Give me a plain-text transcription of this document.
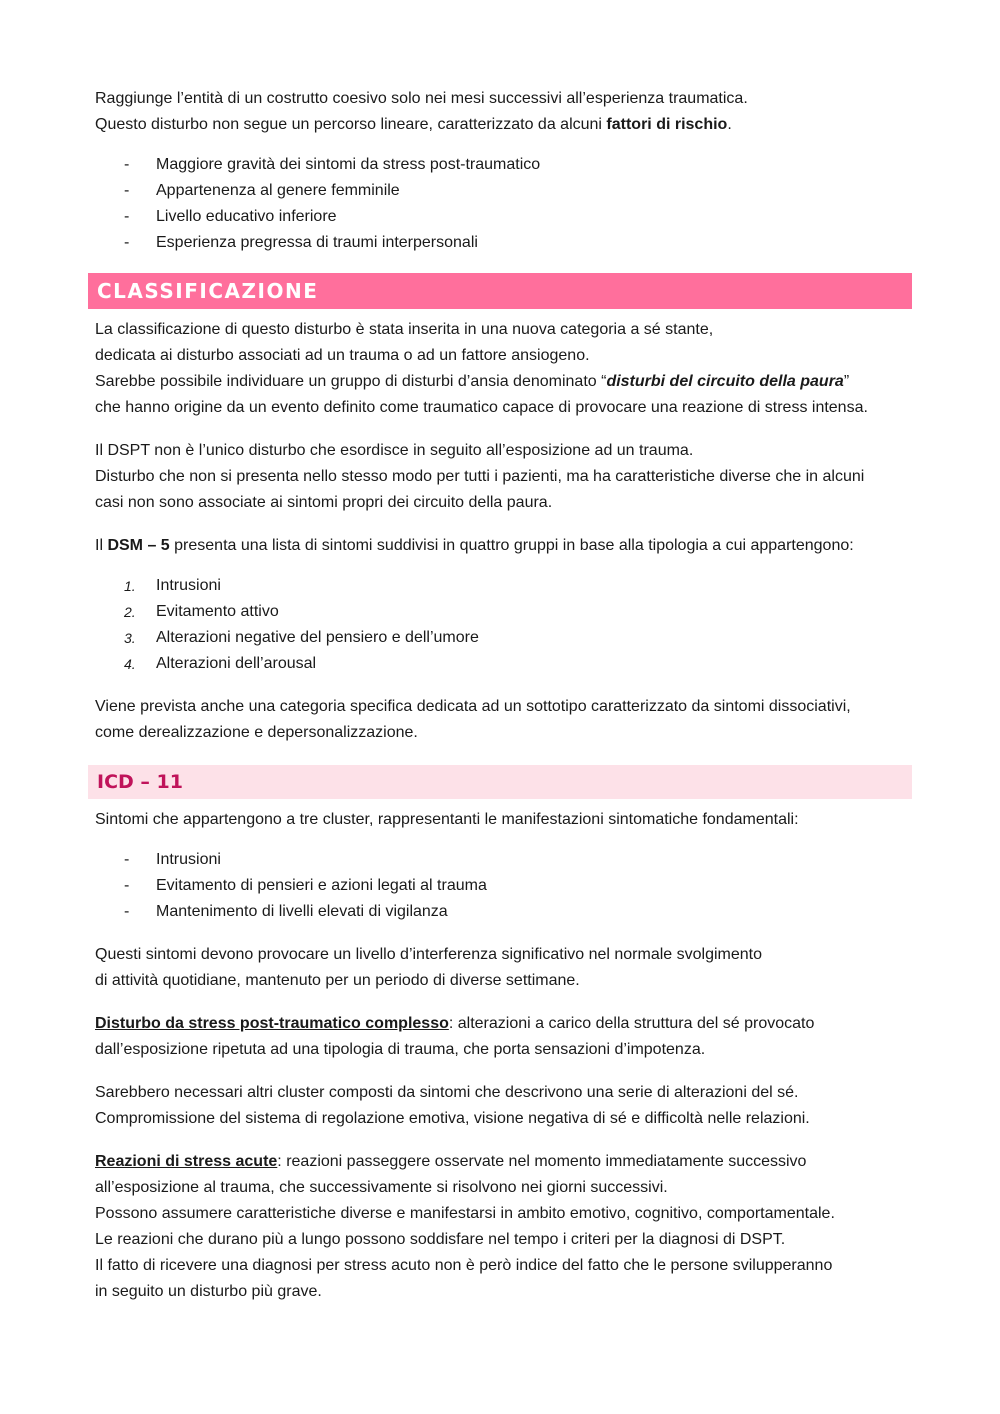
Raggiunge l’entità di un costrutto coesivo solo nei mesi successivi all’esperienza traumatica.

Questo disturbo non segue un percorso lineare, caratterizzato da alcuni fattori di rischio.

- Maggiore gravità dei sintomi da stress post-traumatico
- Appartenenza al genere femminile
- Livello educativo inferiore
- Esperienza pregressa di traumi interpersonali
CLASSIFICAZIONE

La classificazione di questo disturbo è stata inserita in una nuova categoria a sé stante,

dedicata ai disturbo associati ad un trauma o ad un fattore ansiogeno.

Sarebbe possibile individuare un gruppo di disturbi d’ansia denominato “disturbi del circuito della paura”

che hanno origine da un evento definito come traumatico capace di provocare una reazione di stress intensa.

Il DSPT non è l’unico disturbo che esordisce in seguito all’esposizione ad un trauma.

Disturbo che non si presenta nello stesso modo per tutti i pazienti, ma ha caratteristiche diverse che in alcuni

casi non sono associate ai sintomi propri dei circuito della paura.

Il DSM – 5 presenta una lista di sintomi suddivisi in quattro gruppi in base alla tipologia a cui appartengono:

1. Intrusioni
2. Evitamento attivo
3. Alterazioni negative del pensiero e dell’umore
4. Alterazioni dell’arousal

Viene prevista anche una categoria specifica dedicata ad un sottotipo caratterizzato da sintomi dissociativi,

come derealizzazione e depersonalizzazione.

ICD – 11

Sintomi che appartengono a tre cluster, rappresentanti le manifestazioni sintomatiche fondamentali:

- Intrusioni
- Evitamento di pensieri e azioni legati al trauma
- Mantenimento di livelli elevati di vigilanza

Questi sintomi devono provocare un livello d’interferenza significativo nel normale svolgimento

di attività quotidiane, mantenuto per un periodo di diverse settimane.

Disturbo da stress post-traumatico complesso: alterazioni a carico della struttura del sé provocato

dall’esposizione ripetuta ad una tipologia di trauma, che porta sensazioni d’impotenza.

Sarebbero necessari altri cluster composti da sintomi che descrivono una serie di alterazioni del sé.

Compromissione del sistema di regolazione emotiva, visione negativa di sé e difficoltà nelle relazioni.

Reazioni di stress acute: reazioni passeggere osservate nel momento immediatamente successivo

all’esposizione al trauma, che successivamente si risolvono nei giorni successivi.

Possono assumere caratteristiche diverse e manifestarsi in ambito emotivo, cognitivo, comportamentale.

Le reazioni che durano più a lungo possono soddisfare nel tempo i criteri per la diagnosi di DSPT.

Il fatto di ricevere una diagnosi per stress acuto non è però indice del fatto che le persone svilupperanno

in seguito un disturbo più grave.
